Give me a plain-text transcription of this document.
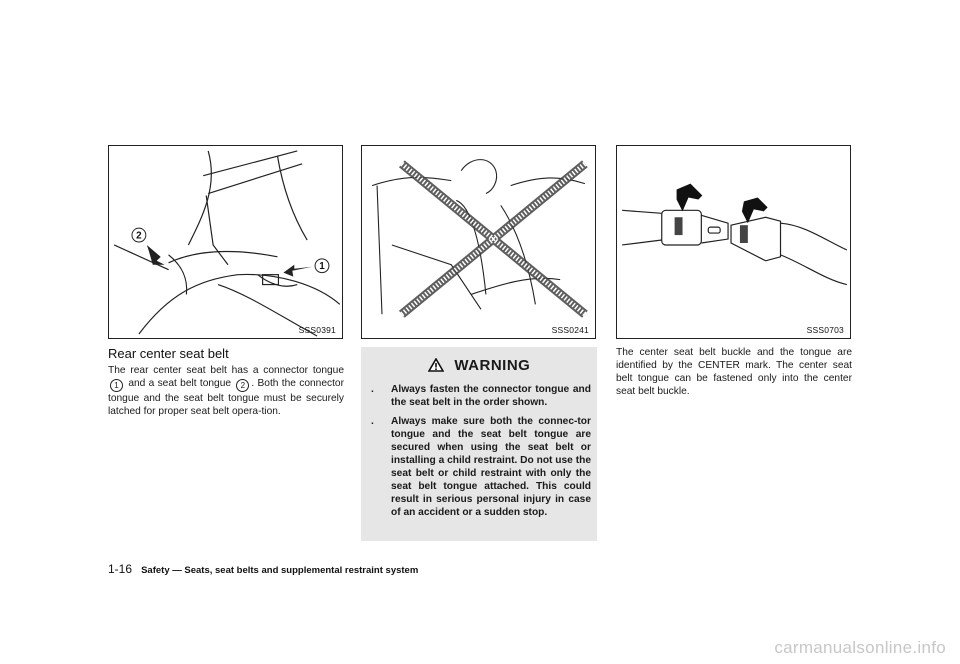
2
1
SSS0391	SSS0241	SSS0703
Rear center seat belt
The rear center seat belt has a connector tongue 1 and a seat belt tongue 2 . Both the connector tongue and the seat belt tongue must be securely latched for proper seat belt opera-tion.
WARNING
. Always fasten the connector tongue and the seat belt in the order shown.
. Always make sure both the connec-tor tongue and the seat belt tongue are secured when using the seat belt or installing a child restraint. Do not use the seat belt or child restraint with only the seat belt tongue attached. This could result in serious personal injury in case of an accident or a sudden stop.
The center seat belt buckle and the tongue are identified by the CENTER mark. The center seat belt tongue can be fastened only into the center seat belt buckle.
1-16 Safety — Seats, seat belts and supplemental restraint system
carmanualsonline.info
